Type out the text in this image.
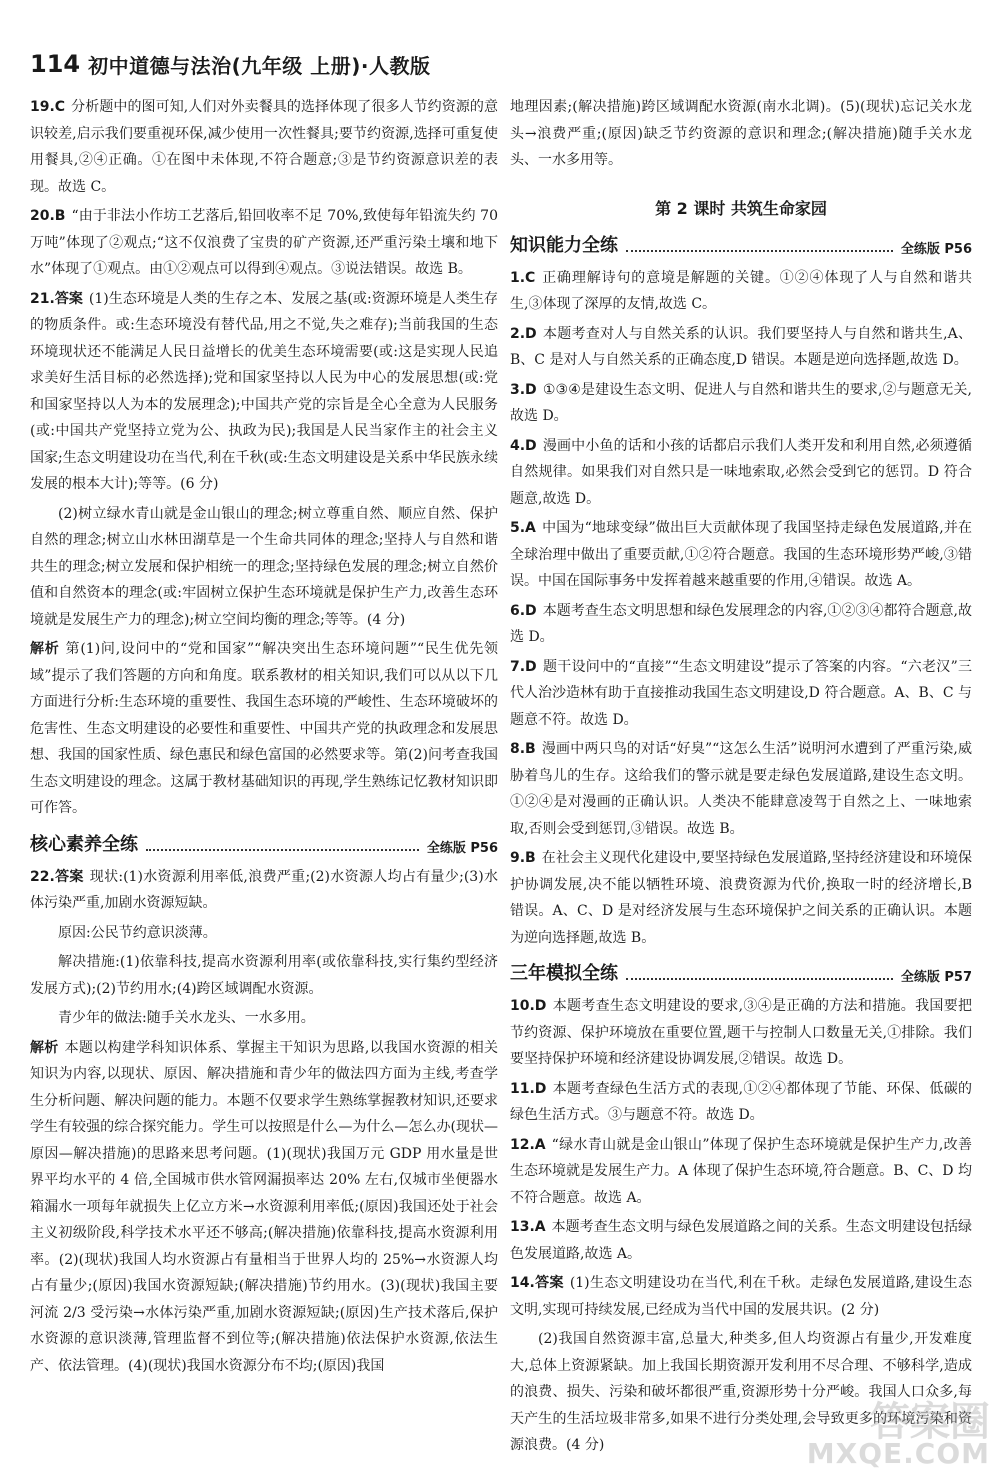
114 初中道德与法治(九年级 上册)·人教版

19.C 分析题中的图可知,人们对外卖餐具的选择体现了很多人节约资源的意识较差,启示我们要重视环保,减少使用一次性餐具;要节约资源,选择可重复使用餐具,②④正确。①在图中未体现,不符合题意;③是节约资源意识差的表现。故选 C。

20.B “由于非法小作坊工艺落后,铅回收率不足 70%,致使每年铅流失约 70 万吨”体现了②观点;“这不仅浪费了宝贵的矿产资源,还严重污染土壤和地下水”体现了①观点。由①②观点可以得到④观点。③说法错误。故选 B。

21.答案 (1)生态环境是人类的生存之本、发展之基(或:资源环境是人类生存的物质条件。或:生态环境没有替代品,用之不觉,失之难存);当前我国的生态环境现状还不能满足人民日益增长的优美生态环境需要(或:这是实现人民追求美好生活目标的必然选择);党和国家坚持以人民为中心的发展思想(或:党和国家坚持以人为本的发展理念);中国共产党的宗旨是全心全意为人民服务(或:中国共产党坚持立党为公、执政为民);我国是人民当家作主的社会主义国家;生态文明建设功在当代,利在千秋(或:生态文明建设是关系中华民族永续发展的根本大计);等等。(6 分)

(2)树立绿水青山就是金山银山的理念;树立尊重自然、顺应自然、保护自然的理念;树立山水林田湖草是一个生命共同体的理念;坚持人与自然和谐共生的理念;树立发展和保护相统一的理念;坚持绿色发展的理念;树立自然价值和自然资本的理念(或:牢固树立保护生态环境就是保护生产力,改善生态环境就是发展生产力的理念);树立空间均衡的理念;等等。(4 分)

解析 第(1)问,设问中的“党和国家”“解决突出生态环境问题”“民生优先领域”提示了我们答题的方向和角度。联系教材的相关知识,我们可以从以下几方面进行分析:生态环境的重要性、我国生态环境的严峻性、生态环境破坏的危害性、生态文明建设的必要性和重要性、中国共产党的执政理念和发展思想、我国的国家性质、绿色惠民和绿色富国的必然要求等。第(2)问考查我国生态文明建设的理念。这属于教材基础知识的再现,学生熟练记忆教材知识即可作答。

核心素养全练	全练版 P56

22.答案 现状:(1)水资源利用率低,浪费严重;(2)水资源人均占有量少;(3)水体污染严重,加剧水资源短缺。

原因:公民节约意识淡薄。

解决措施:(1)依靠科技,提高水资源利用率(或依靠科技,实行集约型经济发展方式);(2)节约用水;(4)跨区域调配水资源。

青少年的做法:随手关水龙头、一水多用。

解析 本题以构建学科知识体系、掌握主干知识为思路,以我国水资源的相关知识为内容,以现状、原因、解决措施和青少年的做法四方面为主线,考查学生分析问题、解决问题的能力。本题不仅要求学生熟练掌握教材知识,还要求学生有较强的综合探究能力。学生可以按照是什么—为什么—怎么办(现状—原因—解决措施)的思路来思考问题。(1)(现状)我国万元 GDP 用水量是世界平均水平的 4 倍,全国城市供水管网漏损率达 20% 左右,仅城市坐便器水箱漏水一项每年就损失上亿立方米→水资源利用率低;(原因)我国还处于社会主义初级阶段,科学技术水平还不够高;(解决措施)依靠科技,提高水资源利用率。(2)(现状)我国人均水资源占有量相当于世界人均的 25%→水资源人均占有量少;(原因)我国水资源短缺;(解决措施)节约用水。(3)(现状)我国主要河流 2/3 受污染→水体污染严重,加剧水资源短缺;(原因)生产技术落后,保护水资源的意识淡薄,管理监督不到位等;(解决措施)依法保护水资源,依法生产、依法管理。(4)(现状)我国水资源分布不均;(原因)我国

地理因素;(解决措施)跨区域调配水资源(南水北调)。(5)(现状)忘记关水龙头→浪费严重;(原因)缺乏节约资源的意识和理念;(解决措施)随手关水龙头、一水多用等。

第 2 课时 共筑生命家园
知识能力全练	全练版 P56

1.C 正确理解诗句的意境是解题的关键。①②④体现了人与自然和谐共生,③体现了深厚的友情,故选 C。

2.D 本题考查对人与自然关系的认识。我们要坚持人与自然和谐共生,A、B、C 是对人与自然关系的正确态度,D 错误。本题是逆向选择题,故选 D。

3.D ①③④是建设生态文明、促进人与自然和谐共生的要求,②与题意无关,故选 D。

4.D 漫画中小鱼的话和小孩的话都启示我们人类开发和利用自然,必须遵循自然规律。如果我们对自然只是一味地索取,必然会受到它的惩罚。D 符合题意,故选 D。

5.A 中国为“地球变绿”做出巨大贡献体现了我国坚持走绿色发展道路,并在全球治理中做出了重要贡献,①②符合题意。我国的生态环境形势严峻,③错误。中国在国际事务中发挥着越来越重要的作用,④错误。故选 A。

6.D 本题考查生态文明思想和绿色发展理念的内容,①②③④都符合题意,故选 D。

7.D 题干设问中的“直接”“生态文明建设”提示了答案的内容。“六老汉”三代人治沙造林有助于直接推动我国生态文明建设,D 符合题意。A、B、C 与题意不符。故选 D。

8.B 漫画中两只鸟的对话“好臭”“这怎么生活”说明河水遭到了严重污染,威胁着鸟儿的生存。这给我们的警示就是要走绿色发展道路,建设生态文明。①②④是对漫画的正确认识。人类决不能肆意凌驾于自然之上、一味地索取,否则会受到惩罚,③错误。故选 B。

9.B 在社会主义现代化建设中,要坚持绿色发展道路,坚持经济建设和环境保护协调发展,决不能以牺牲环境、浪费资源为代价,换取一时的经济增长,B 错误。A、C、D 是对经济发展与生态环境保护之间关系的正确认识。本题为逆向选择题,故选 B。

三年模拟全练	全练版 P57

10.D 本题考查生态文明建设的要求,③④是正确的方法和措施。我国要把节约资源、保护环境放在重要位置,题干与控制人口数量无关,①排除。我们要坚持保护环境和经济建设协调发展,②错误。故选 D。

11.D 本题考查绿色生活方式的表现,①②④都体现了节能、环保、低碳的绿色生活方式。③与题意不符。故选 D。

12.A “绿水青山就是金山银山”体现了保护生态环境就是保护生产力,改善生态环境就是发展生产力。A 体现了保护生态环境,符合题意。B、C、D 均不符合题意。故选 A。

13.A 本题考查生态文明与绿色发展道路之间的关系。生态文明建设包括绿色发展道路,故选 A。

14.答案 (1)生态文明建设功在当代,利在千秋。走绿色发展道路,建设生态文明,实现可持续发展,已经成为当代中国的发展共识。(2 分)

(2)我国自然资源丰富,总量大,种类多,但人均资源占有量少,开发难度大,总体上资源紧缺。加上我国长期资源开发利用不尽合理、不够科学,造成的浪费、损失、污染和破坏都很严重,资源形势十分严峻。我国人口众多,每天产生的生活垃圾非常多,如果不进行分类处理,会导致更多的环境污染和资源浪费。(4 分)	答案圈
MXQE.COM
